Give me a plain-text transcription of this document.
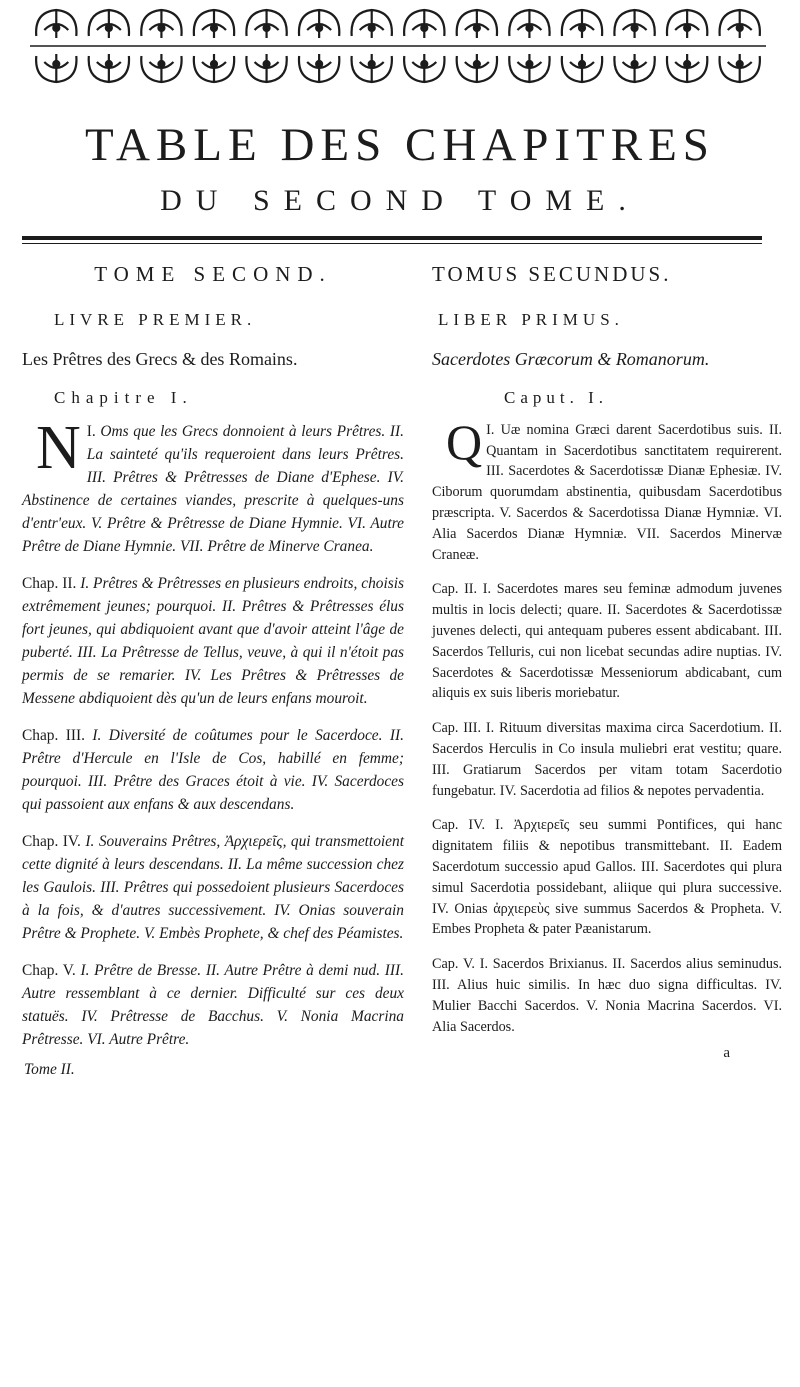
TABLE DES CHAPITRES
DU SECOND TOME.
TOME SECOND.
LIVRE PREMIER.
Les Prêtres des Grecs & des Romains.
Chapitre I.

I.
N Oms que les Grecs donnoient à leurs Prêtres. II. La sainteté qu'ils requeroient dans leurs Prêtres. III. Prêtres & Prêtresses de Diane d'Ephese. IV. Abstinence de certaines viandes, prescrite à quelques-uns d'entr'eux. V. Prêtre & Prêtresse de Diane Hymnie. VI. Autre Prêtre de Diane Hymnie. VII. Prêtre de Minerve Cranea.

Chap. II. I. Prêtres & Prêtresses en plusieurs endroits, choisis extrêmement jeunes; pourquoi. II. Prêtres & Prêtresses élus fort jeunes, qui abdiquoient avant que d'avoir atteint l'âge de puberté. III. La Prêtresse de Tellus, veuve, à qui il n'étoit pas permis de se remarier. IV. Les Prêtres & Prêtresses de Messene abdiquoient dès qu'un de leurs enfans mouroit.

Chap. III. I. Diversité de coûtumes pour le Sacerdoce. II. Prêtre d'Hercule en l'Isle de Cos, habillé en femme; pourquoi. III. Prêtre des Graces étoit à vie. IV. Sacerdoces qui passoient aux enfans & aux descendans.

Chap. IV. I. Souverains Prêtres, Ἀρχιερεῖς, qui transmettoient cette dignité à leurs descendans. II. La même succession chez les Gaulois. III. Prêtres qui possedoient plusieurs Sacerdoces à la fois, & d'autres successivement. IV. Onias souverain Prêtre & Prophete. V. Embès Prophete, & chef des Péamistes.

Chap. V. I. Prêtre de Bresse. II. Autre Prêtre à demi nud. III. Autre ressemblant à ce dernier. Difficulté sur ces deux statuës. IV. Prêtresse de Bacchus. V. Nonia Macrina Prêtresse. VI. Autre Prêtre.

Tome II.
TOMUS SECUNDUS.
LIBER PRIMUS.
Sacerdotes Græcorum & Romanorum.
Caput. I.

I.
Q Uæ nomina Græci darent Sacerdotibus suis. II. Quantam in Sacerdotibus sanctitatem requirerent. III. Sacerdotes & Sacerdotissæ Dianæ Ephesiæ. IV. Ciborum quorumdam abstinentia, quibusdam Sacerdotibus præscripta. V. Sacerdos & Sacerdotissa Dianæ Hymniæ. VI. Alia Sacerdos Dianæ Hymniæ. VII. Sacerdos Minervæ Craneæ.

Cap. II. I. Sacerdotes mares seu feminæ admodum juvenes multis in locis delecti; quare. II. Sacerdotes & Sacerdotissæ juvenes delecti, qui antequam puberes essent abdicabant. III. Sacerdos Telluris, cui non licebat secundas adire nuptias. IV. Sacerdotes & Sacerdotissæ Messeniorum abdicabant, cum aliquis ex suis liberis moriebatur.

Cap. III. I. Rituum diversitas maxima circa Sacerdotium. II. Sacerdos Herculis in Co insula muliebri erat vestitu; quare. III. Gratiarum Sacerdos per vitam totam Sacerdotio fungebatur. IV. Sacerdotia ad filios & nepotes pervadentia.

Cap. IV. I. Ἀρχιερεῖς seu summi Pontifices, qui hanc dignitatem filiis & nepotibus transmittebant. II. Eadem Sacerdotum successio apud Gallos. III. Sacerdotes qui plura simul Sacerdotia possidebant, aliique qui plura successive. IV. Onias ἀρχιερεὺς sive summus Sacerdos & Propheta. V. Embes Propheta & pater Pæanistarum.

Cap. V. I. Sacerdos Brixianus. II. Sacerdos alius seminudus. III. Alius huic similis. In hæc duo signa difficultas. IV. Mulier Bacchi Sacerdos. V. Nonia Macrina Sacerdos. VI. Alia Sacerdos.

a
